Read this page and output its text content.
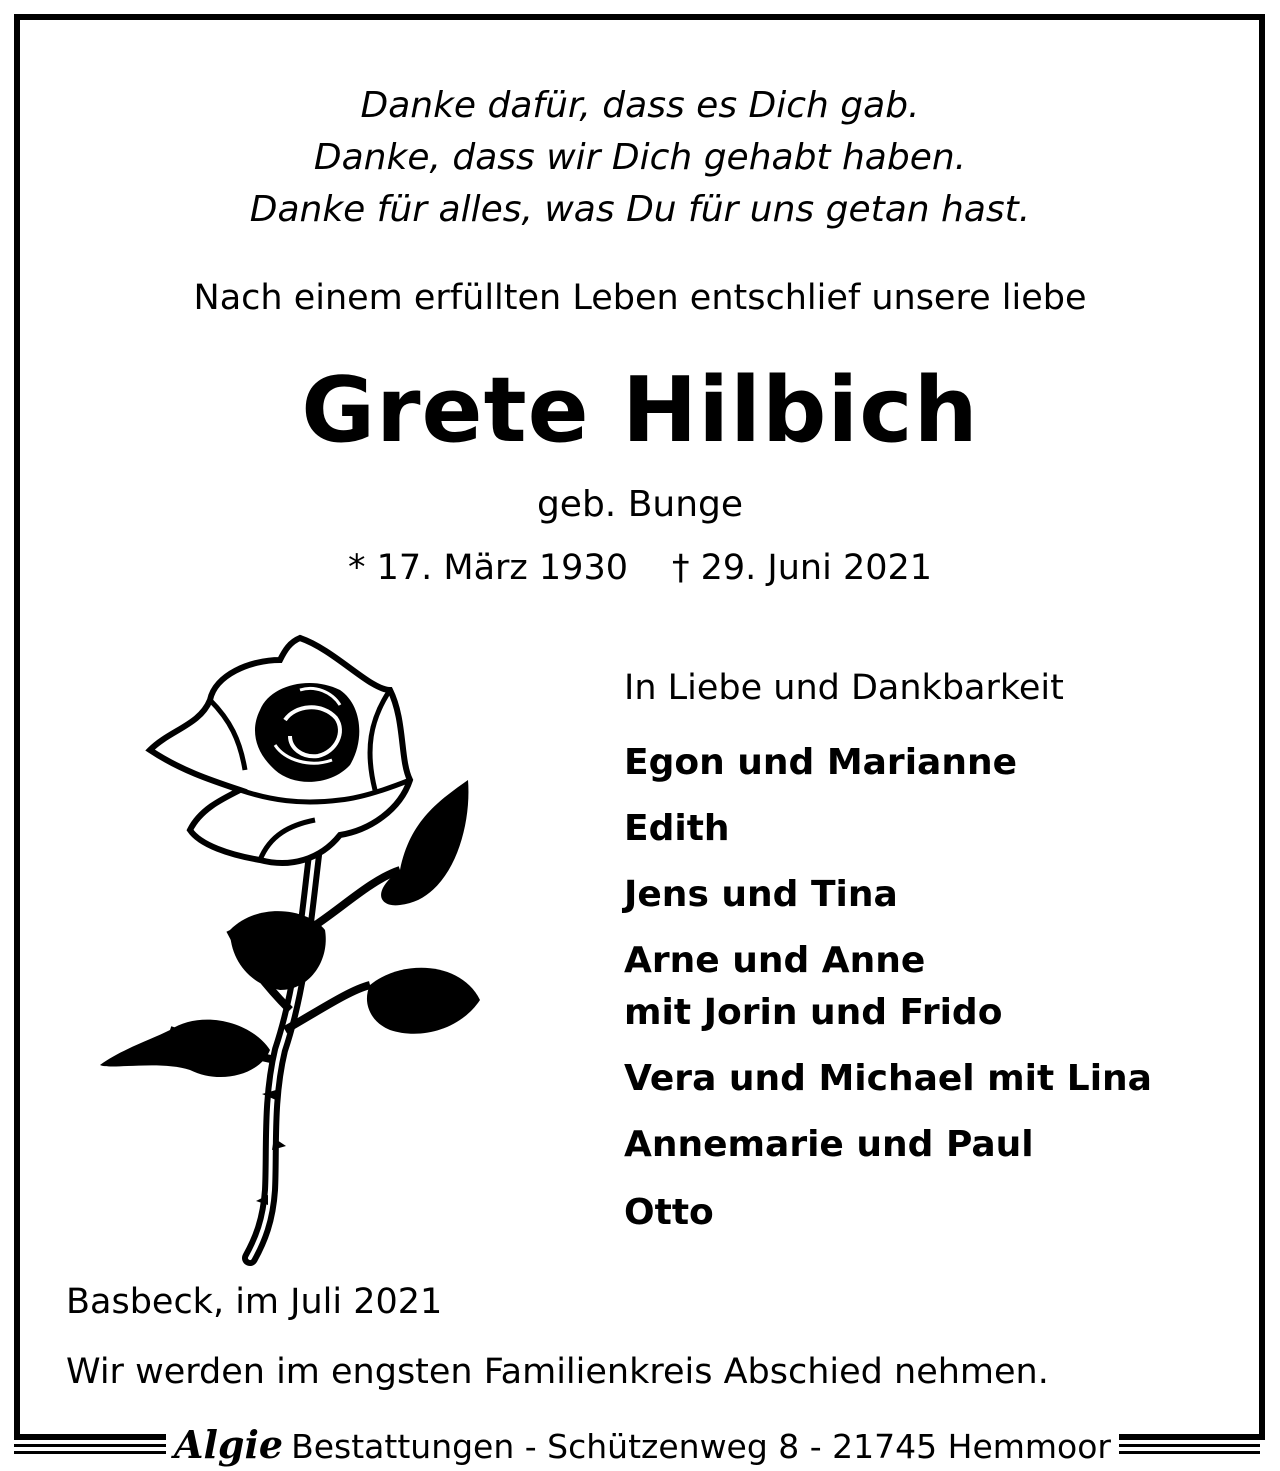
Danke dafür, dass es Dich gab.
Danke, dass wir Dich gehabt haben.
Danke für alles, was Du für uns getan hast.
Nach einem erfüllten Leben entschlief unsere liebe
Grete Hilbich
geb. Bunge
* 17. März 1930 † 29. Juni 2021
In Liebe und Dankbarkeit
Egon und Marianne
Edith
Jens und Tina
Arne und Anne
mit Jorin und Frido
Vera und Michael mit Lina
Annemarie und Paul
Otto
Basbeck, im Juli 2021
Wir werden im engsten Familienkreis Abschied nehmen.
Algie Bestattungen - Schützenweg 8 - 21745 Hemmoor
